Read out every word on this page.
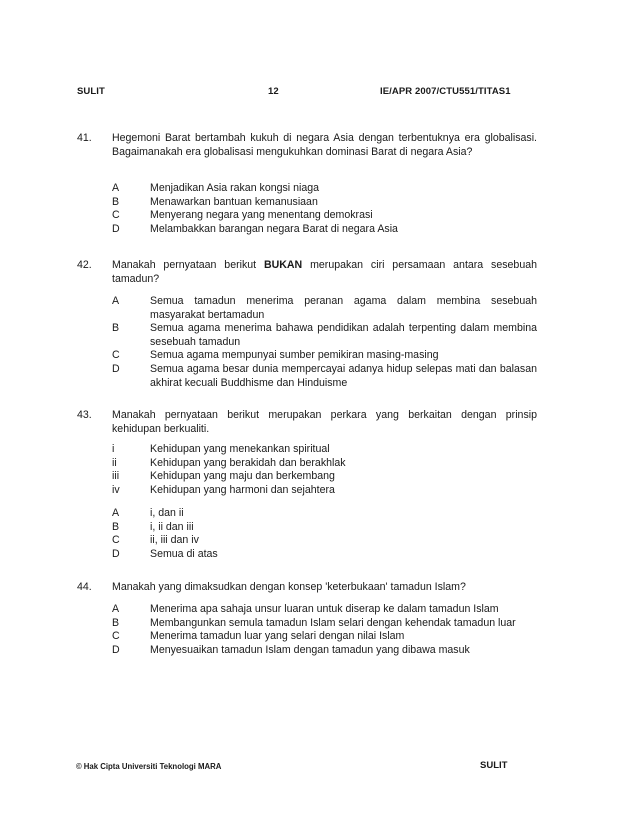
SULIT	12	IE/APR 2007/CTU551/TITAS1
41. Hegemoni Barat bertambah kukuh di negara Asia dengan terbentuknya era globalisasi. Bagaimanakah era globalisasi mengukuhkan dominasi Barat di negara Asia?
A	Menjadikan Asia rakan kongsi niaga
B	Menawarkan bantuan kemanusiaan
C	Menyerang negara yang menentang demokrasi
D	Melambakkan barangan negara Barat di negara Asia
42. Manakah pernyataan berikut BUKAN merupakan ciri persamaan antara sesebuah tamadun?
A	Semua tamadun menerima peranan agama dalam membina sesebuah masyarakat bertamadun
B	Semua agama menerima bahawa pendidikan adalah terpenting dalam membina sesebuah tamadun
C	Semua agama mempunyai sumber pemikiran masing-masing
D	Semua agama besar dunia mempercayai adanya hidup selepas mati dan balasan akhirat kecuali Buddhisme dan Hinduisme
43. Manakah pernyataan berikut merupakan perkara yang berkaitan dengan prinsip kehidupan berkualiti.
i	Kehidupan yang menekankan spiritual
ii	Kehidupan yang berakidah dan berakhlak
iii	Kehidupan yang maju dan berkembang
iv	Kehidupan yang harmoni dan sejahtera
A	i, dan ii
B	i, ii dan iii
C	ii, iii dan iv
D	Semua di atas
44. Manakah yang dimaksudkan dengan konsep 'keterbukaan' tamadun Islam?
A	Menerima apa sahaja unsur luaran untuk diserap ke dalam tamadun Islam
B	Membangunkan semula tamadun Islam selari dengan kehendak tamadun luar
C	Menerima tamadun luar yang selari dengan nilai Islam
D	Menyesuaikan tamadun Islam dengan tamadun yang dibawa masuk
© Hak Cipta Universiti Teknologi MARA	SULIT
